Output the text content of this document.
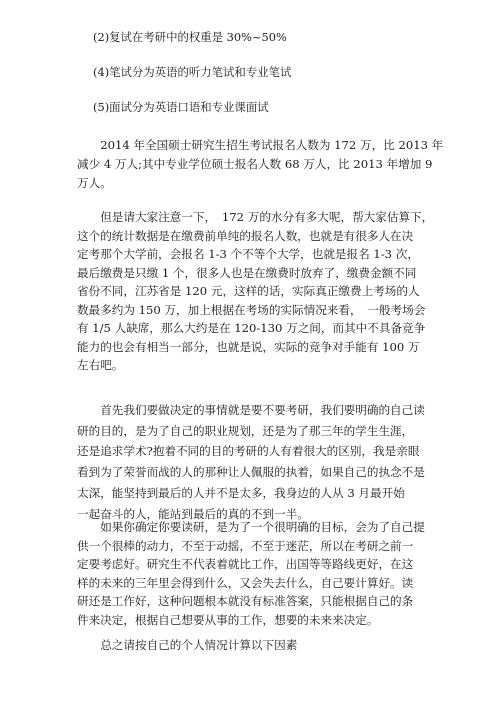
(2)复试在考研中的权重是 30%~50%
(4)笔试分为英语的听力笔试和专业笔试
(5)面试分为英语口语和专业课面试
　　2014 年全国硕士研究生招生考试报名人数为 172 万，比 2013 年
减少 4 万人;其中专业学位硕士报名人数 68 万人，比 2013 年增加 9
万人。
　　但是请大家注意一下，　172 万的水分有多大呢，帮大家估算下，
这个的统计数据是在缴费前单纯的报名人数，也就是有很多人在决
定考那个大学前，会报名 1-3 个不等个大学，也就是报名 1-3 次，
最后缴费是只缴 1 个，很多人也是在缴费时放弃了，缴费金额不同
省份不同，江苏省是 120 元，这样的话，实际真正缴费上考场的人
数最多约为 150 万，加上根据在考场的实际情况来看，　一般考场会
有 1/5 人缺席，那么大约是在 120-130 万之间，而其中不具备竞争
能力的也会有相当一部分，也就是说，实际的竞争对手能有 100 万
左右吧。
　　首先我们要做决定的事情就是要不要考研，我们要明确的自己读
研的目的，是为了自己的职业规划，还是为了那三年的学生生涯，
还是追求学术?抱着不同的目的考研的人有着很大的区别，我是亲眼
看到为了荣誉而战的人的那种让人佩服的执着，如果自己的执念不是
太深，能坚持到最后的人并不是太多，我身边的人从 3 月最开始
一起奋斗的人，能站到最后的真的不到一半。
　　如果你确定你要读研，是为了一个很明确的目标，会为了自己提
供一个很棒的动力，不至于动摇，不至于迷茫，所以在考研之前一
定要考虑好。研究生不代表着就比工作，出国等等路线更好，在这
样的未来的三年里会得到什么，又会失去什么，自己要计算好。读
研还是工作好，这种问题根本就没有标准答案，只能根据自己的条
件来决定，根据自己想要从事的工作，想要的未来来决定。
　　总之请按自己的个人情况计算以下因素
